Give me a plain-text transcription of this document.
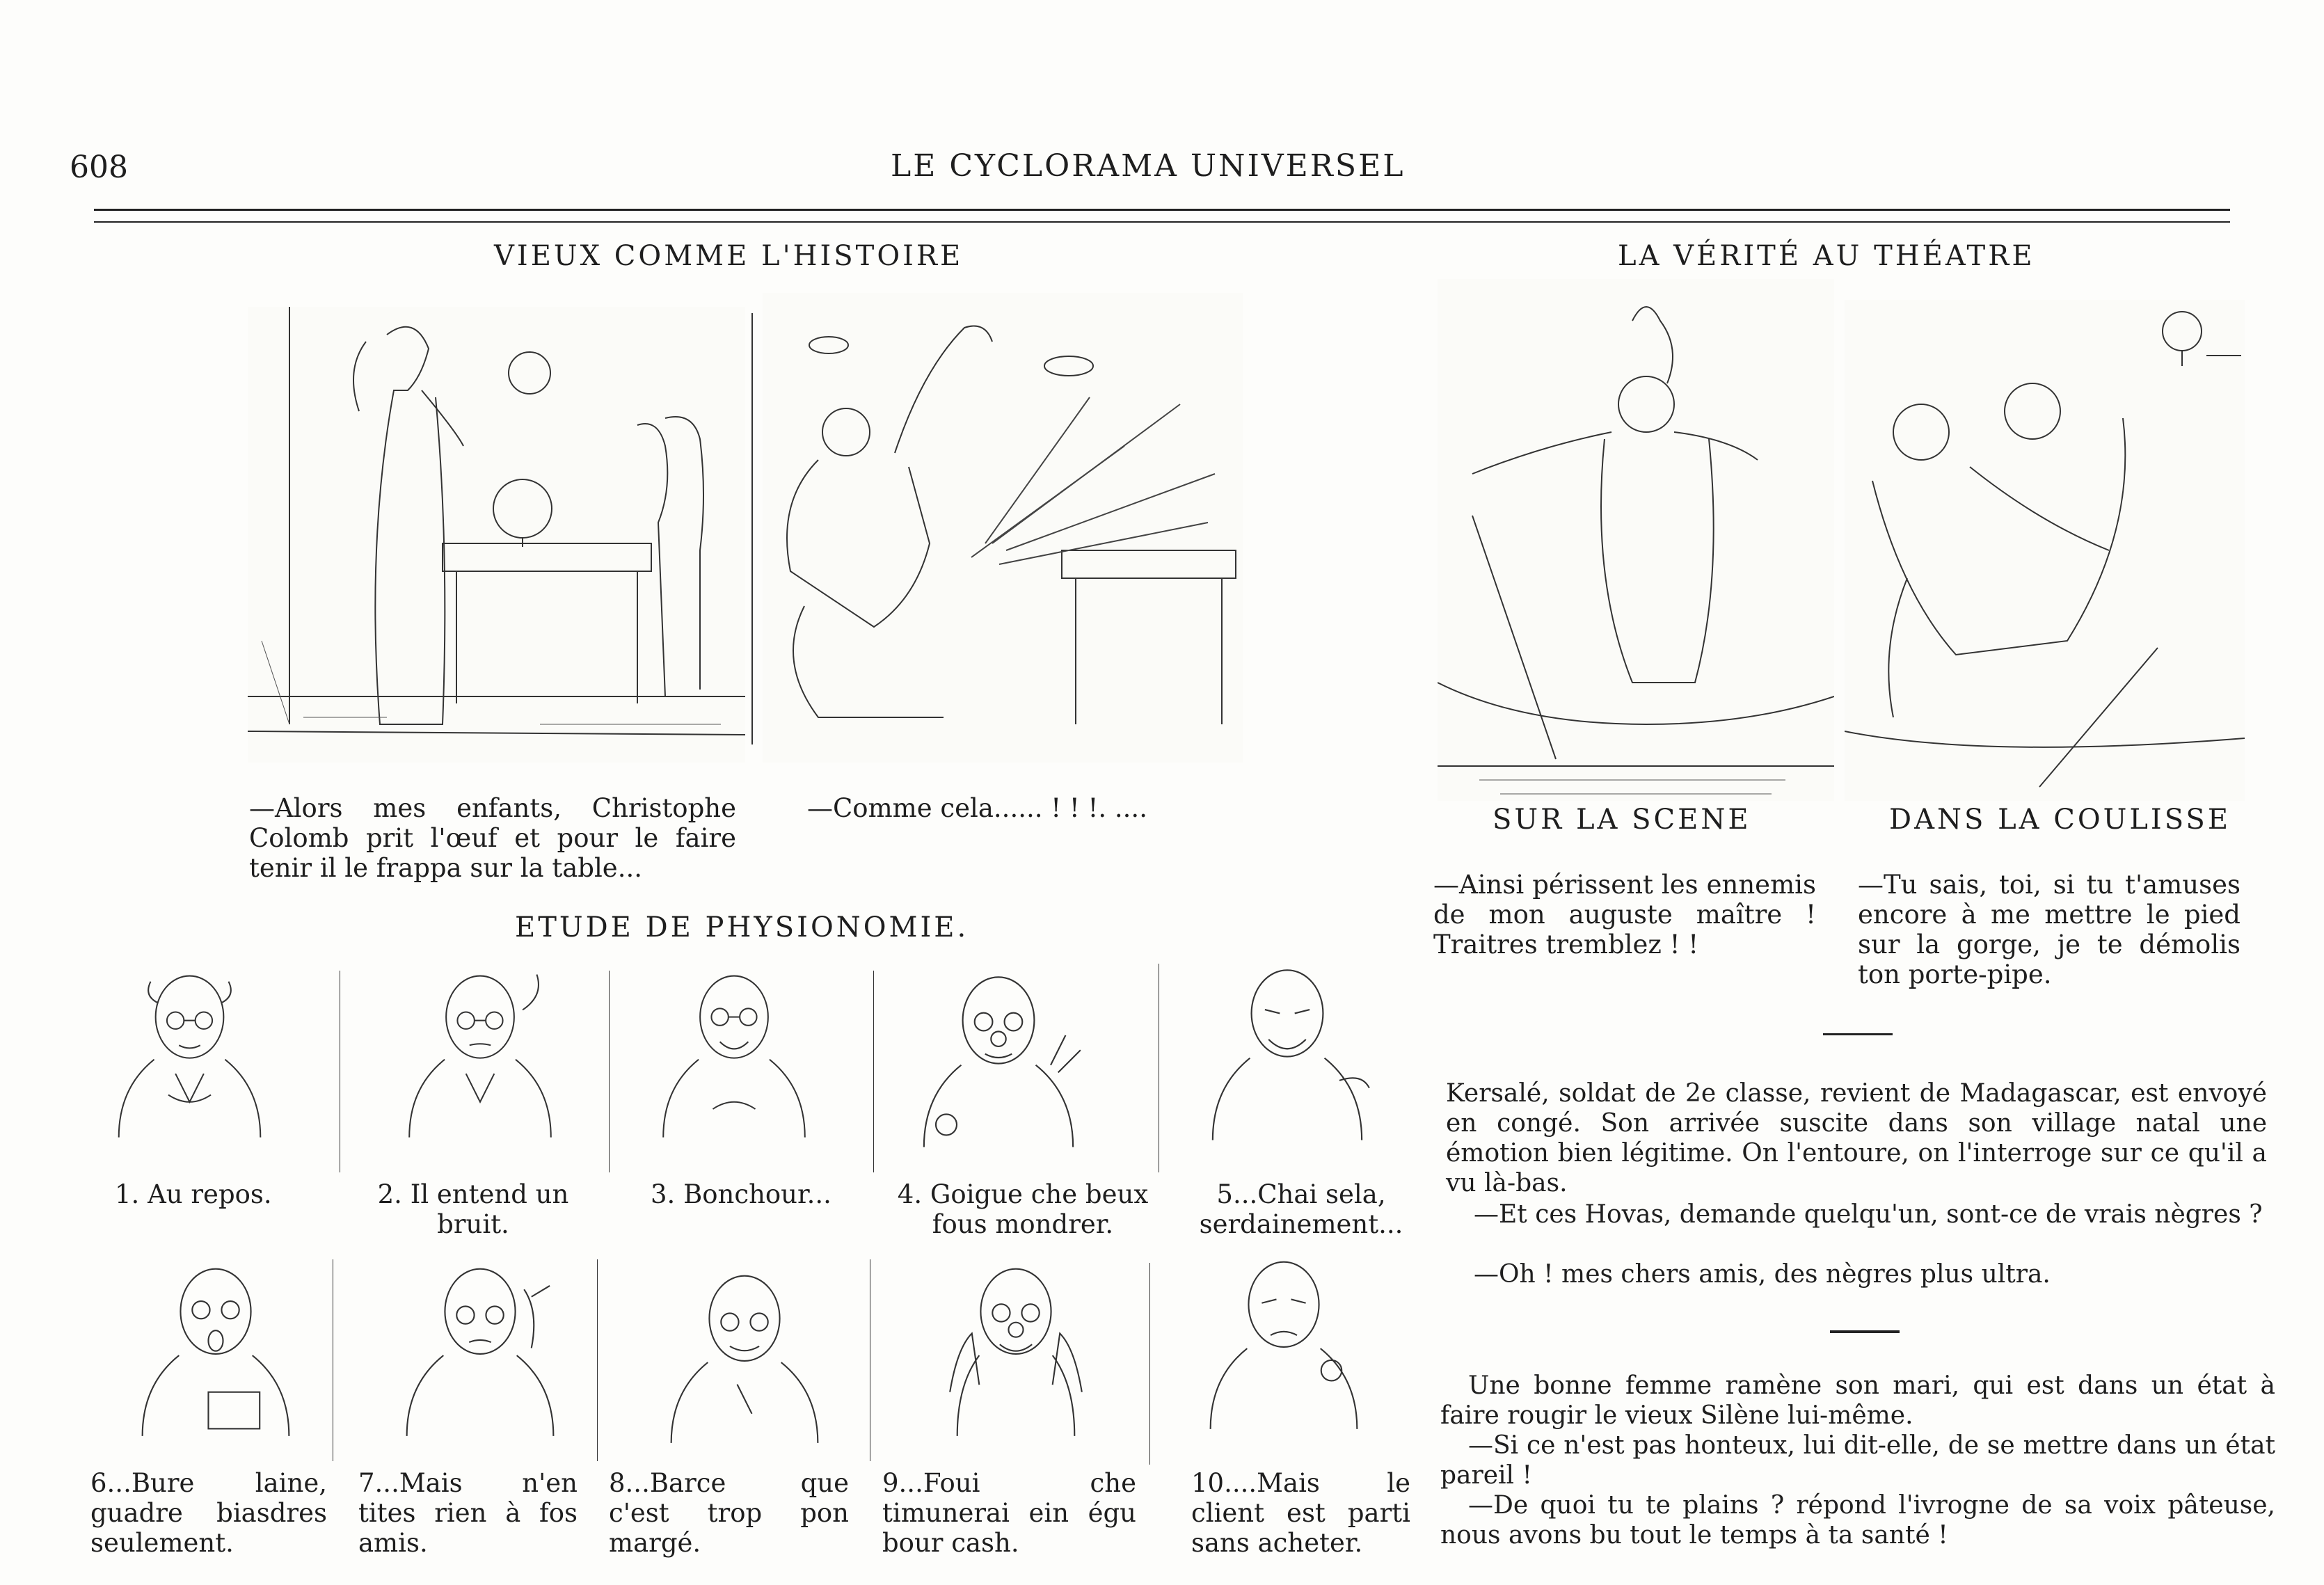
608	LE CYCLORAMA UNIVERSEL
VIEUX COMME L'HISTOIRE
—Alors mes enfants, Christophe Colomb prit l'œuf et pour le faire tenir il le frappa sur la table...
—Comme cela...... ! ! !. ....
ETUDE DE PHYSIONOMIE.
1. Au repos.	2. Il entend un bruit.
3. Bonchour...	4. Goigue che beux fous mondrer.
5...Chai sela, serdainement...
6...Bure laine, guadre biasdres seulement.
7...Mais n'en tites rien à fos amis.
8...Barce que c'est trop pon margé.
9...Foui che timunerai ein égu bour cash.
10....Mais le client est parti sans acheter.
LA VÉRITÉ AU THÉATRE
SUR LA SCENE	DANS LA COULISSE
—Ainsi périssent les ennemis de mon auguste maître ! Traitres tremblez ! !
—Tu sais, toi, si tu t'amuses encore à me mettre le pied sur la gorge, je te démolis ton porte-pipe.
Kersalé, soldat de 2e classe, revient de Madagascar, est envoyé en congé. Son arrivée suscite dans son village natal une émotion bien légitime. On l'entoure, on l'interroge sur ce qu'il a vu là-bas.
—Et ces Hovas, demande quelqu'un, sont-ce de vrais nègres ?
—Oh ! mes chers amis, des nègres plus ultra.
Une bonne femme ramène son mari, qui est dans un état à faire rougir le vieux Silène lui-même.
—Si ce n'est pas honteux, lui dit-elle, de se mettre dans un état pareil !
—De quoi tu te plains ? répond l'ivrogne de sa voix pâteuse, nous avons bu tout le temps à ta santé !
